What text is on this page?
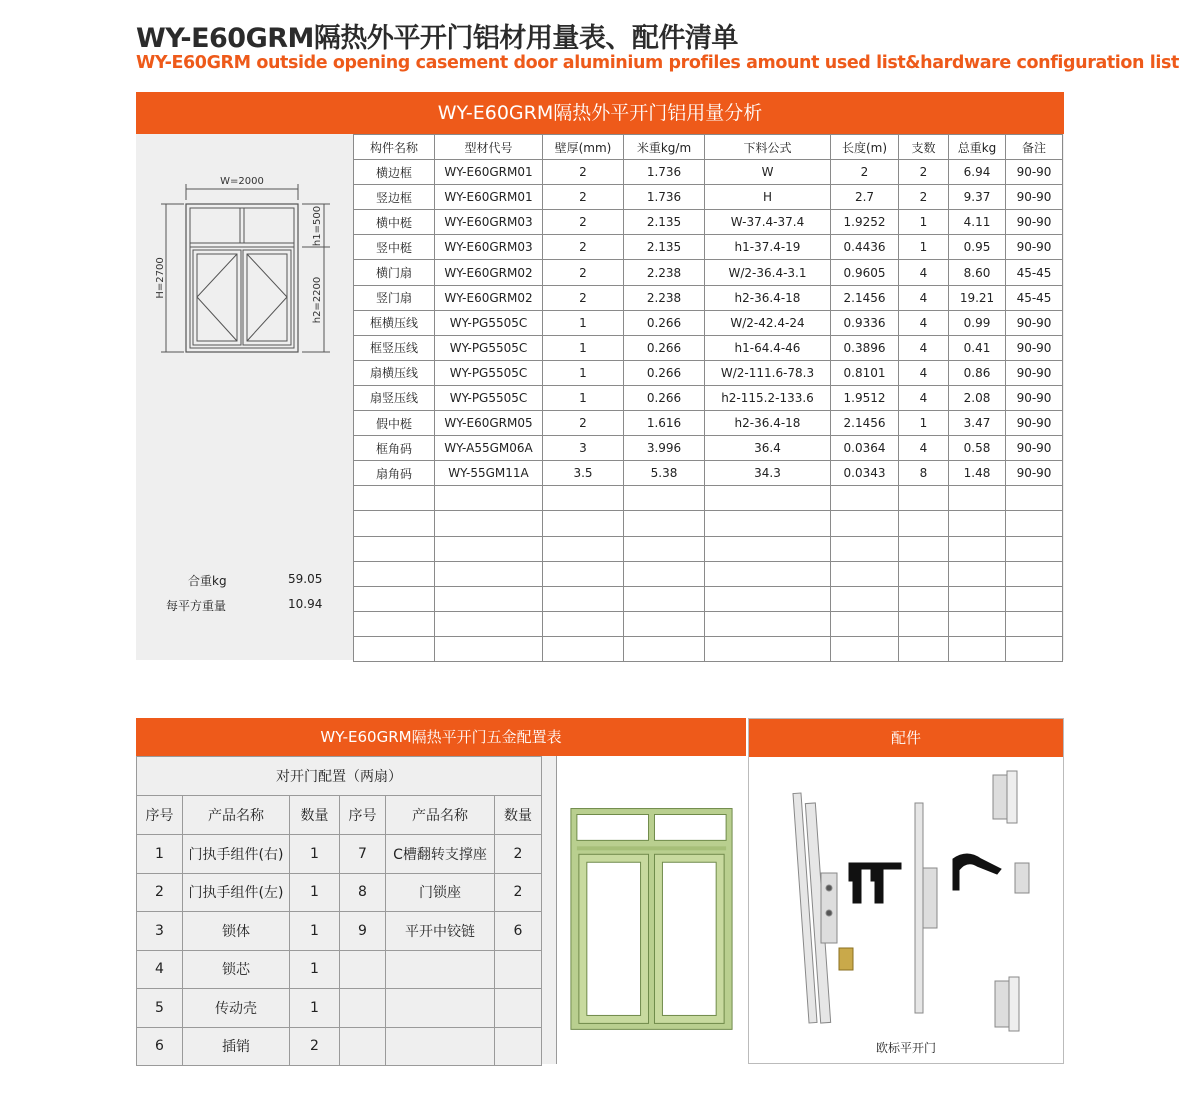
WY-E60GRM隔热外平开门铝材用量表、配件清单
WY-E60GRM outside opening casement door aluminium profiles amount used list&hardware configuration list
WY-E60GRM隔热外平开门铝用量分析
W=2000
H=2700
h1=500
h2=2200
合重kg	59.05
每平方重量	10.94
构件名称	型材代号	壁厚(mm)	米重kg/m	下料公式	长度(m)	支数	总重kg	备注
横边框	WY-E60GRM01	2	1.736	W	2	2	6.94	90-90
竖边框	WY-E60GRM01	2	1.736	H	2.7	2	9.37	90-90
横中梃	WY-E60GRM03	2	2.135	W-37.4-37.4	1.9252	1	4.11	90-90
竖中梃	WY-E60GRM03	2	2.135	h1-37.4-19	0.4436	1	0.95	90-90
横门扇	WY-E60GRM02	2	2.238	W/2-36.4-3.1	0.9605	4	8.60	45-45
竖门扇	WY-E60GRM02	2	2.238	h2-36.4-18	2.1456	4	19.21	45-45
框横压线	WY-PG5505C	1	0.266	W/2-42.4-24	0.9336	4	0.99	90-90
框竖压线	WY-PG5505C	1	0.266	h1-64.4-46	0.3896	4	0.41	90-90
扇横压线	WY-PG5505C	1	0.266	W/2-111.6-78.3	0.8101	4	0.86	90-90
扇竖压线	WY-PG5505C	1	0.266	h2-115.2-133.6	1.9512	4	2.08	90-90
假中梃	WY-E60GRM05	2	1.616	h2-36.4-18	2.1456	1	3.47	90-90
框角码	WY-A55GM06A	3	3.996	36.4	0.0364	4	0.58	90-90
扇角码	WY-55GM11A	3.5	5.38	34.3	0.0343	8	1.48	90-90

WY-E60GRM隔热平开门五金配置表
对开门配置（两扇）					
序号	产品名称	数量	序号	产品名称	数量
1	门执手组件(右)	1	7	C槽翻转支撑座	2
2	门执手组件(左)	1	8	门锁座	2
3	锁体	1	9	平开中铰链	6
4	锁芯	1			
5	传动壳	1			
6	插销	2			
配件
欧标平开门
